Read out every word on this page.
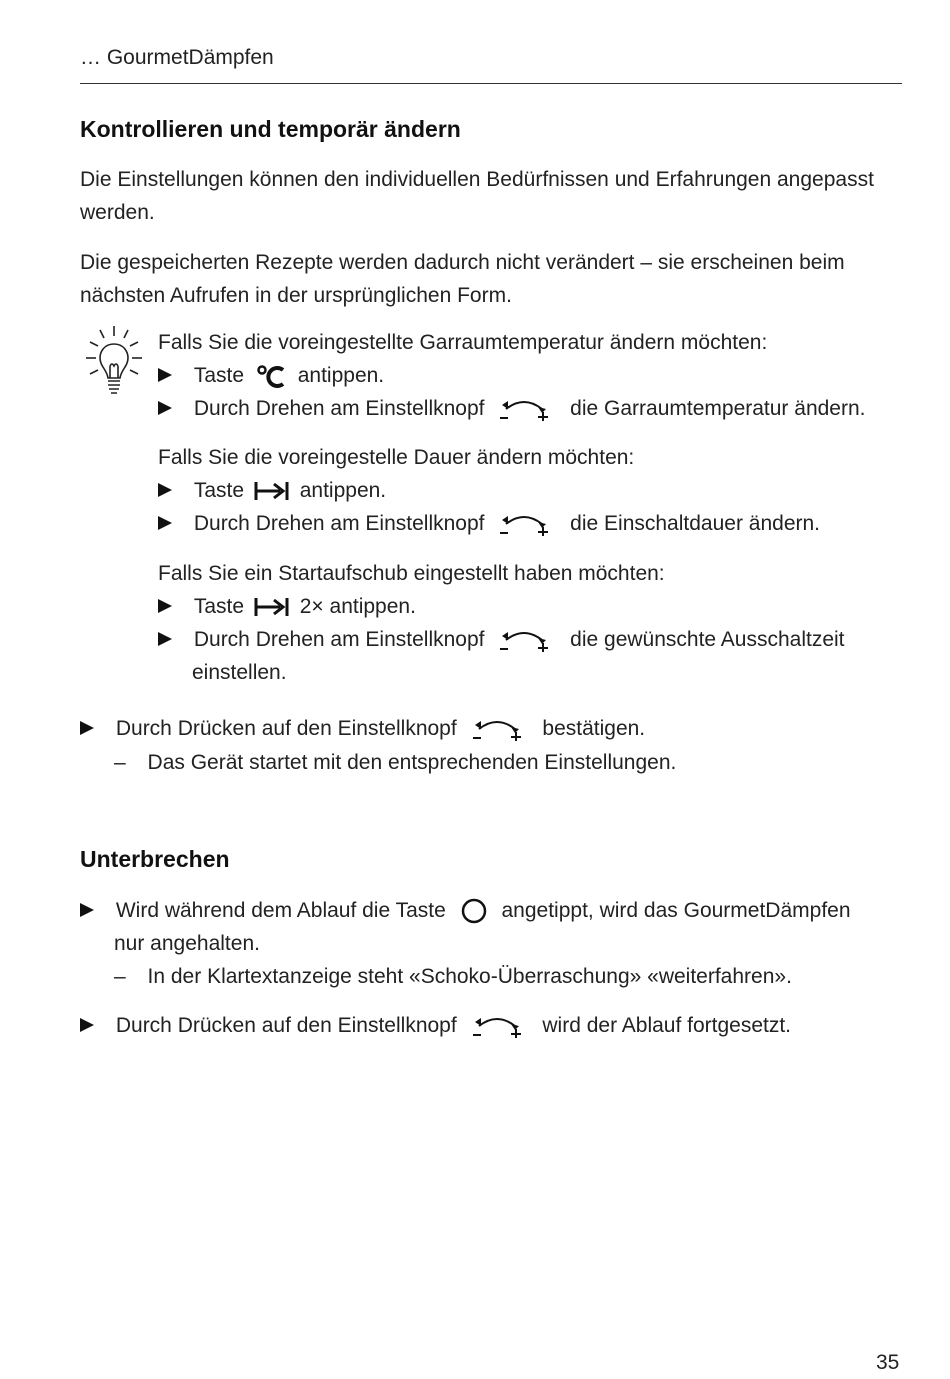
… GourmetDämpfen
Kontrollieren und temporär ändern
Die Einstellungen können den individuellen Bedürfnissen und Erfahrungen angepasst
werden.
Die gespeicherten Rezepte werden dadurch nicht verändert – sie erscheinen beim
nächsten Aufrufen in der ursprünglichen Form.
Falls Sie die voreingestellte Garraumtemperatur ändern möchten:
Taste	antippen.
Durch Drehen am Einstellknopf	die Garraumtemperatur ändern.
Falls Sie die voreingestelle Dauer ändern möchten:
Taste	antippen.
Durch Drehen am Einstellknopf	die Einschaltdauer ändern.
Falls Sie ein Startaufschub eingestellt haben möchten:
Taste	2× antippen.
Durch Drehen am Einstellknopf	die gewünschte Ausschaltzeit
einstellen.
Durch Drücken auf den Einstellknopf	bestätigen.
– Das Gerät startet mit den entsprechenden Einstellungen.
Unterbrechen
Wird während dem Ablauf die Taste	angetippt, wird das GourmetDämpfen
nur angehalten.
– In der Klartextanzeige steht «Schoko-Überraschung» «weiterfahren».
Durch Drücken auf den Einstellknopf	wird der Ablauf fortgesetzt.
35
